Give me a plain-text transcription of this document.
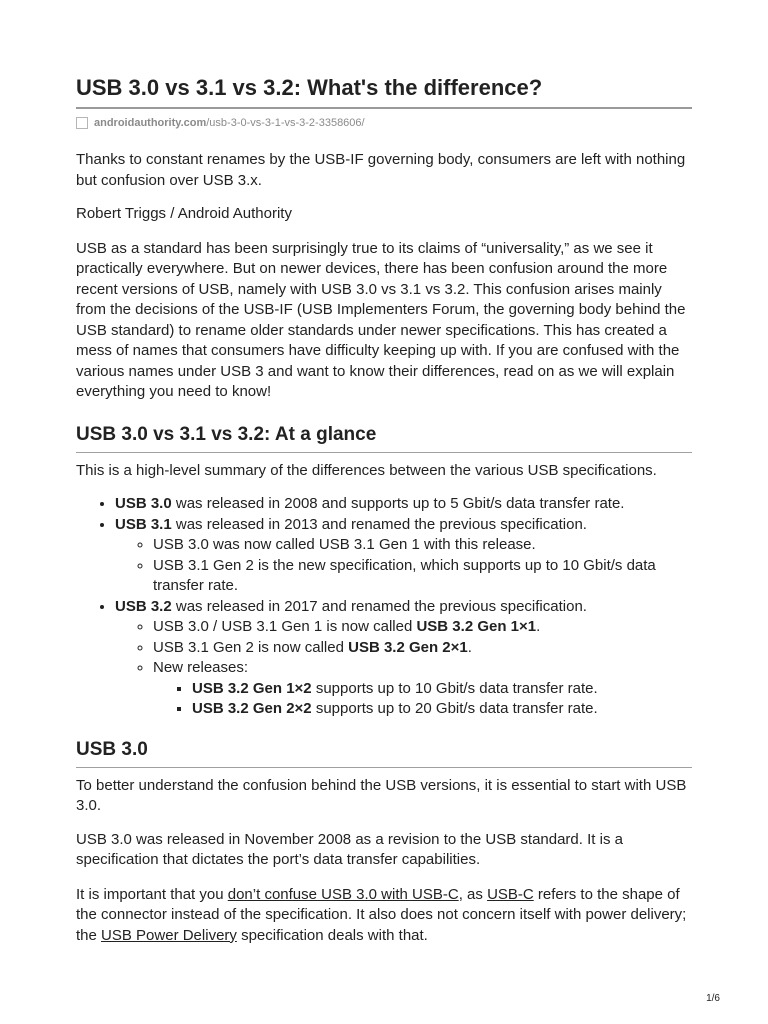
USB 3.0 vs 3.1 vs 3.2: What's the difference?
androidauthority.com /usb-3-0-vs-3-1-vs-3-2-3358606/

Thanks to constant renames by the USB-IF governing body, consumers are left with nothing but confusion over USB 3.x.

Robert Triggs / Android Authority

USB as a standard has been surprisingly true to its claims of “universality,” as we see it practically everywhere. But on newer devices, there has been confusion around the more recent versions of USB, namely with USB 3.0 vs 3.1 vs 3.2. This confusion arises mainly from the decisions of the USB-IF (USB Implementers Forum, the governing body behind the USB standard) to rename older standards under newer specifications. This has created a mess of names that consumers have difficulty keeping up with. If you are confused with the various names under USB 3 and want to know their differences, read on as we will explain everything you need to know!

USB 3.0 vs 3.1 vs 3.2: At a glance

This is a high-level summary of the differences between the various USB specifications.

• USB 3.0 was released in 2008 and supports up to 5 Gbit/s data transfer rate.
• USB 3.1 was released in 2013 and renamed the previous specification.
◦ USB 3.0 was now called USB 3.1 Gen 1 with this release.
◦ USB 3.1 Gen 2 is the new specification, which supports up to 10 Gbit/s data transfer rate.
• USB 3.2 was released in 2017 and renamed the previous specification.
◦ USB 3.0 / USB 3.1 Gen 1 is now called USB 3.2 Gen 1×1.
◦ USB 3.1 Gen 2 is now called USB 3.2 Gen 2×1.
◦ New releases:
▪ USB 3.2 Gen 1×2 supports up to 10 Gbit/s data transfer rate.
▪ USB 3.2 Gen 2×2 supports up to 20 Gbit/s data transfer rate.
USB 3.0

To better understand the confusion behind the USB versions, it is essential to start with USB 3.0.

USB 3.0 was released in November 2008 as a revision to the USB standard. It is a specification that dictates the port’s data transfer capabilities.

It is important that you don’t confuse USB 3.0 with USB-C, as USB-C refers to the shape of the connector instead of the specification. It also does not concern itself with power delivery; the USB Power Delivery specification deals with that.

1/6
